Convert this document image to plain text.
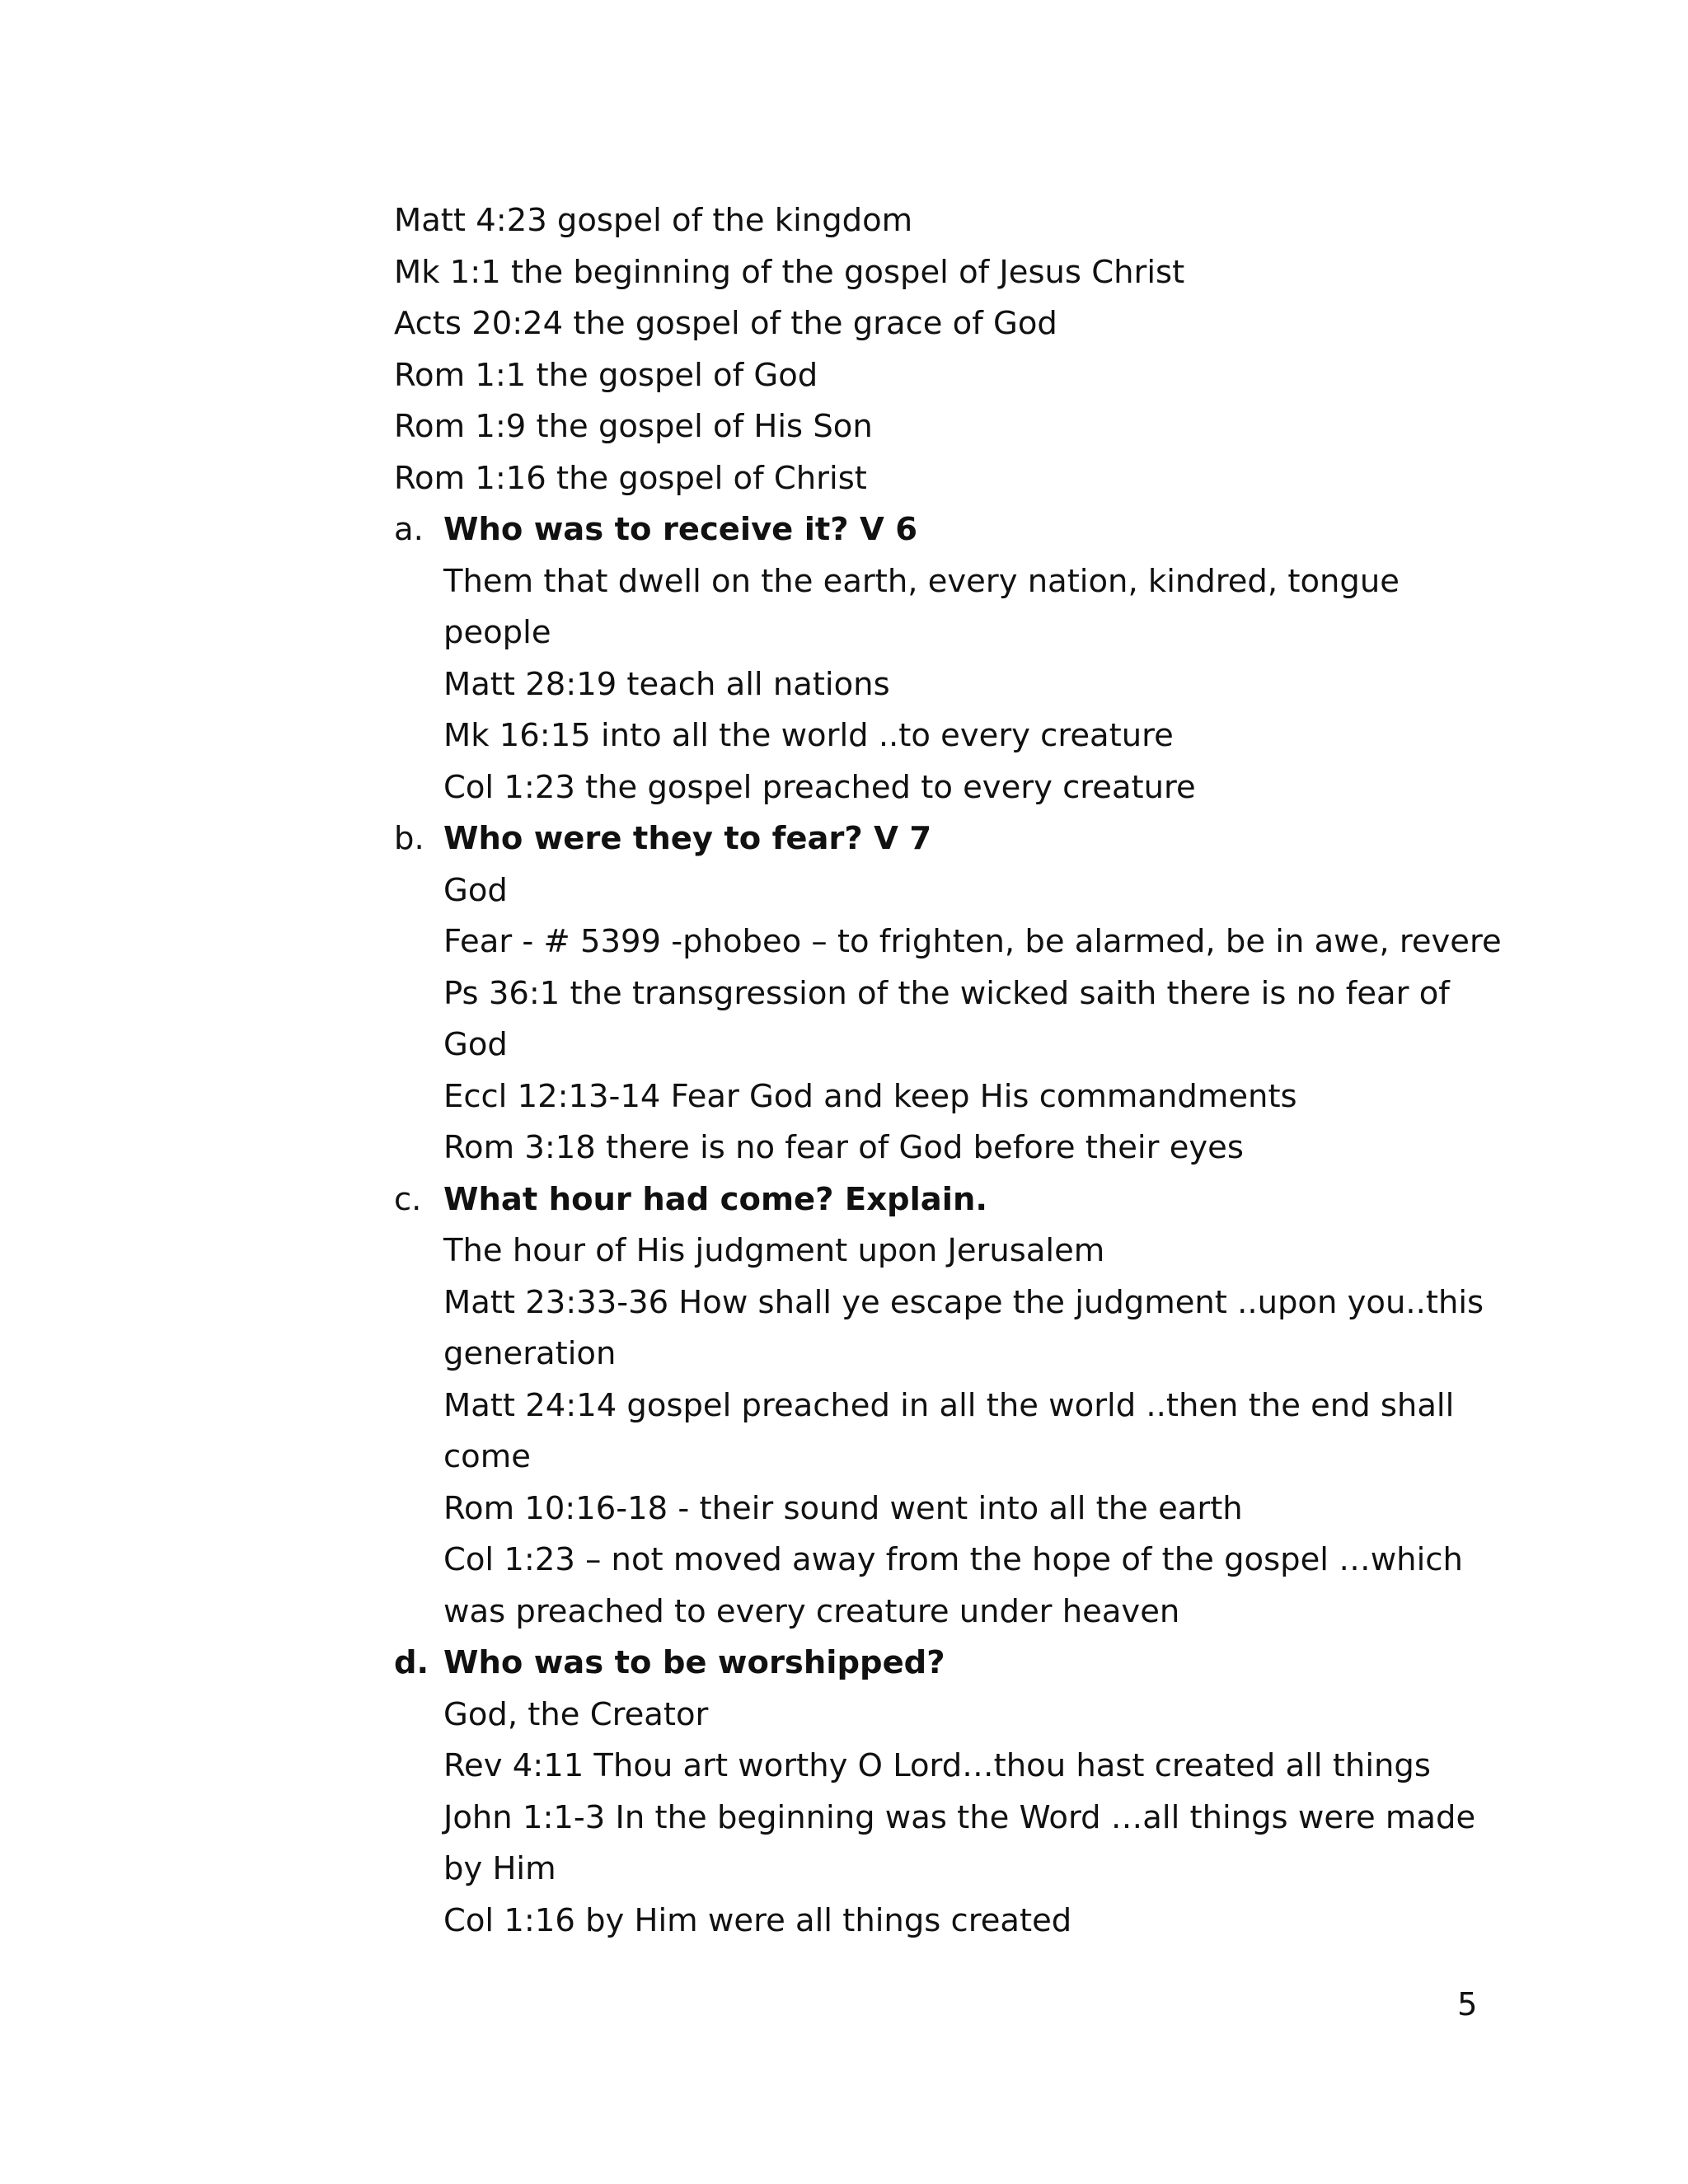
Matt 4:23 gospel of the kingdom
Mk 1:1 the beginning of the gospel of Jesus Christ
Acts 20:24 the gospel of the grace of God
Rom 1:1 the gospel of God
Rom 1:9 the gospel of His Son
Rom 1:16 the gospel of Christ
a. Who was to receive it? V 6
Them that dwell on the earth, every nation, kindred, tongue
people
Matt 28:19 teach all nations
Mk 16:15 into all the world ..to every creature
Col 1:23 the gospel preached to every creature
b. Who were they to fear? V 7
God
Fear - # 5399 -phobeo – to frighten, be alarmed, be in awe, revere
Ps 36:1 the transgression of the wicked saith there is no fear of
God
Eccl 12:13-14 Fear God and keep His commandments
Rom 3:18 there is no fear of God before their eyes
c. What hour had come? Explain.
The hour of His judgment upon Jerusalem
Matt 23:33-36 How shall ye escape the judgment ..upon you..this
generation
Matt 24:14 gospel preached in all the world ..then the end shall
come
Rom 10:16-18 - their sound went into all the earth
Col 1:23 – not moved away from the hope of the gospel …which
was preached to every creature under heaven
d. Who was to be worshipped?
God, the Creator
Rev 4:11 Thou art worthy O Lord…thou hast created all things
John 1:1-3 In the beginning was the Word …all things were made
by Him
Col 1:16 by Him were all things created
5
